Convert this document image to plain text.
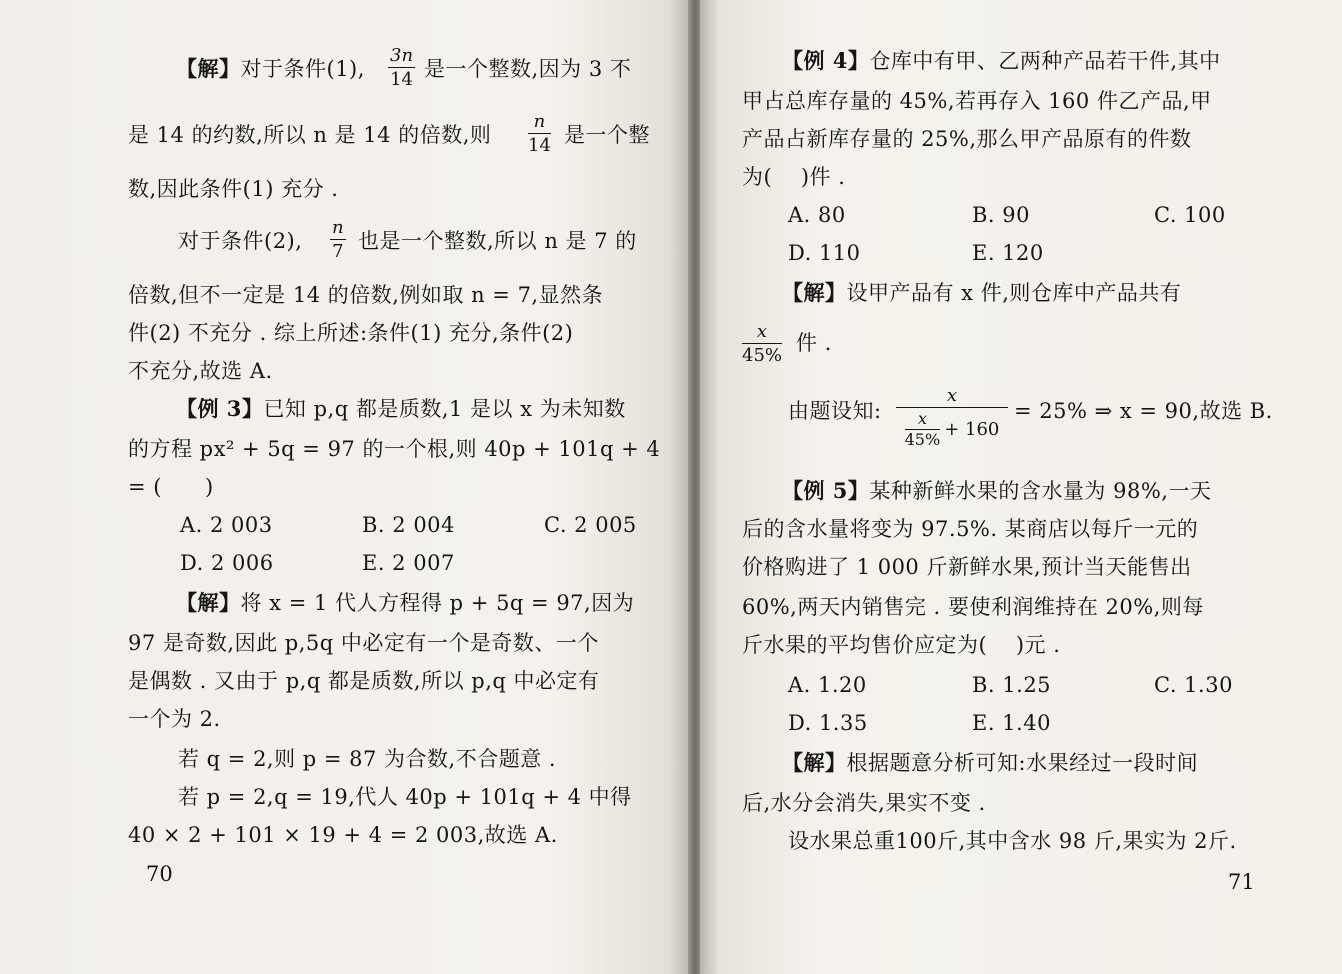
【解】对于条件(1),
3n
14 是一个整数,因为 3 不
是 14 的约数,所以 n 是 14 的倍数,则
n
14 是一个整
数,因此条件(1) 充分 .
对于条件(2),
n
7 也是一个整数,所以 n 是 7 的
倍数,但不一定是 14 的倍数,例如取 n = 7,显然条
件(2) 不充分 . 综上所述:条件(1) 充分,条件(2)
不充分,故选 A.
【例 3】已知 p,q 都是质数,1 是以 x 为未知数
的方程 px² + 5q = 97 的一个根,则 40p + 101q + 4
= (　　)
A. 2 003	B. 2 004	C. 2 005
D. 2 006	E. 2 007
【解】将 x = 1 代人方程得 p + 5q = 97,因为
97 是奇数,因此 p,5q 中必定有一个是奇数、一个
是偶数 . 又由于 p,q 都是质数,所以 p,q 中必定有
一个为 2.
若 q = 2,则 p = 87 为合数,不合题意 .
若 p = 2,q = 19,代人 40p + 101q + 4 中得
40 × 2 + 101 × 19 + 4 = 2 003,故选 A.
70
【例 4】仓库中有甲、乙两种产品若干件,其中
甲占总库存量的 45%,若再存入 160 件乙产品,甲
产品占新库存量的 25%,那么甲产品原有的件数
为(　 )件 .
A. 80	B. 90	C. 100
D. 110	E. 120
【解】设甲产品有 x 件,则仓库中产品共有
x
45%
件 .
由题设知:
x
x
45% + 160
= 25% ⇒ x = 90,故选 B.
【例 5】某种新鲜水果的含水量为 98%,一天
后的含水量将变为 97.5%. 某商店以每斤一元的
价格购进了 1 000 斤新鲜水果,预计当天能售出
60%,两天内销售完 . 要使利润维持在 20%,则每
斤水果的平均售价应定为(　 )元 .
A. 1.20	B. 1.25	C. 1.30
D. 1.35	E. 1.40
【解】根据题意分析可知:水果经过一段时间
后,水分会消失,果实不变 .
设水果总重100斤,其中含水 98 斤,果实为 2斤.
71
